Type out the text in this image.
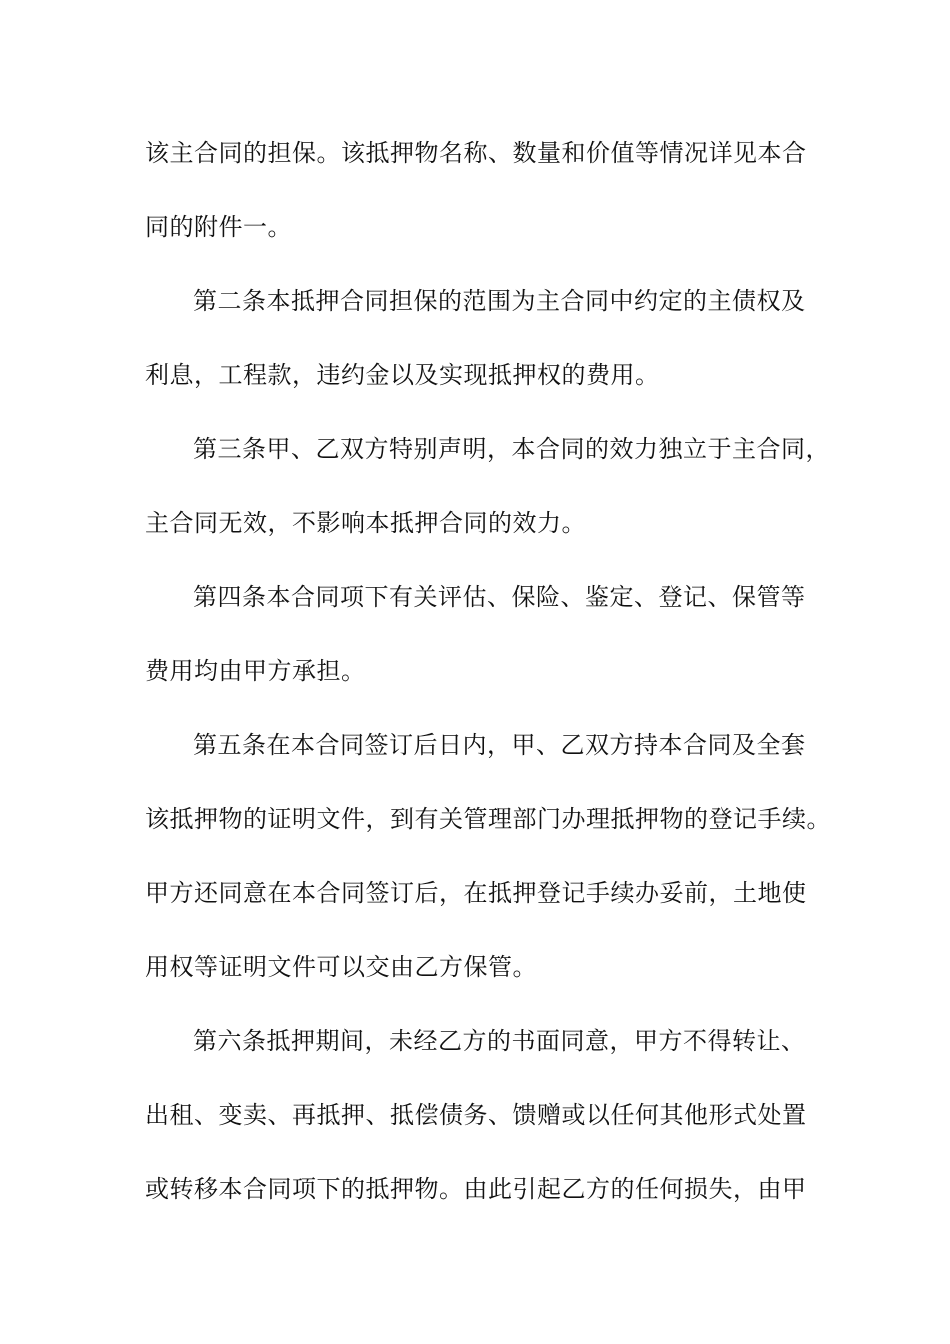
该主合同的担保。该抵押物名称、数量和价值等情况详见本合
同的附件一。
第二条本抵押合同担保的范围为主合同中约定的主债权及
利息，工程款，违约金以及实现抵押权的费用。
第三条甲、乙双方特别声明，本合同的效力独立于主合同，
主合同无效，不影响本抵押合同的效力。
第四条本合同项下有关评估、保险、鉴定、登记、保管等
费用均由甲方承担。
第五条在本合同签订后日内，甲、乙双方持本合同及全套
该抵押物的证明文件，到有关管理部门办理抵押物的登记手续。
甲方还同意在本合同签订后，在抵押登记手续办妥前，土地使
用权等证明文件可以交由乙方保管。
第六条抵押期间，未经乙方的书面同意，甲方不得转让、
出租、变卖、再抵押、抵偿债务、馈赠或以任何其他形式处置
或转移本合同项下的抵押物。由此引起乙方的任何损失，由甲
